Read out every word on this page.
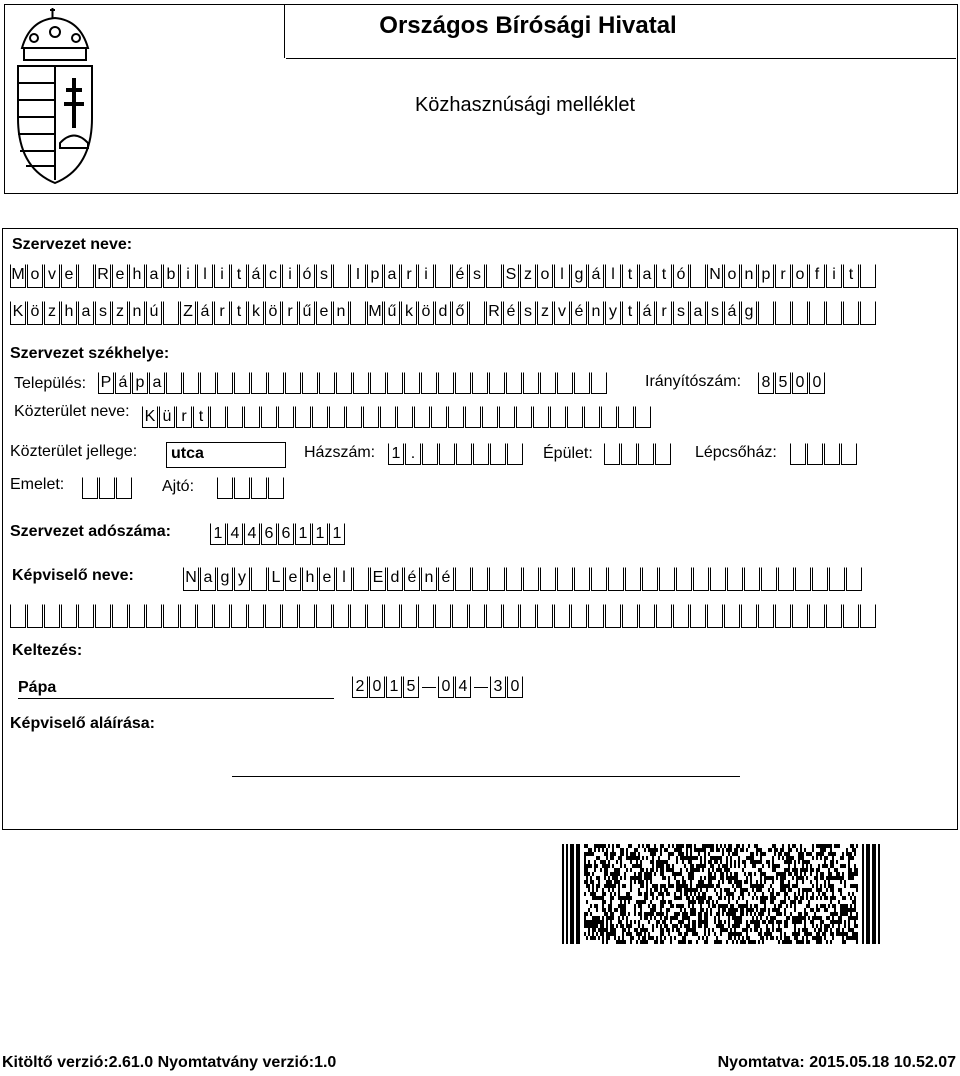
Országos Bírósági Hivatal
Közhasznúsági melléklet
Szervezet neve:
M o v e R e h a b i l i t á c i ó s	I p a r i	é s S z o l g á l t a t ó N o n p r o f i t
K ö z h a s z n ú Z á r t k ö r ű e n M ű k ö d ő R é s z v é n y t á r s a s á g
Szervezet székhelye:
Település: P á p a	Irányítószám: 8 5 0 0
Közterület neve: K ü r t
Közterület jellege:	utca	Házszám: 1 .	Épület:	Lépcsőház:
Emelet:	Ajtó:
Szervezet adószáma:	1 4 4 6 6 1 1 1
Képviselő neve:	N a g y L e h e l	E d é n é
Keltezés:
Pápa	2 0 1 5 0 4 3 0
Képviselő aláírása:
Kitöltő verzió:2.61.0 Nyomtatvány verzió:1.0	Nyomtatva: 2015.05.18 10.52.07
